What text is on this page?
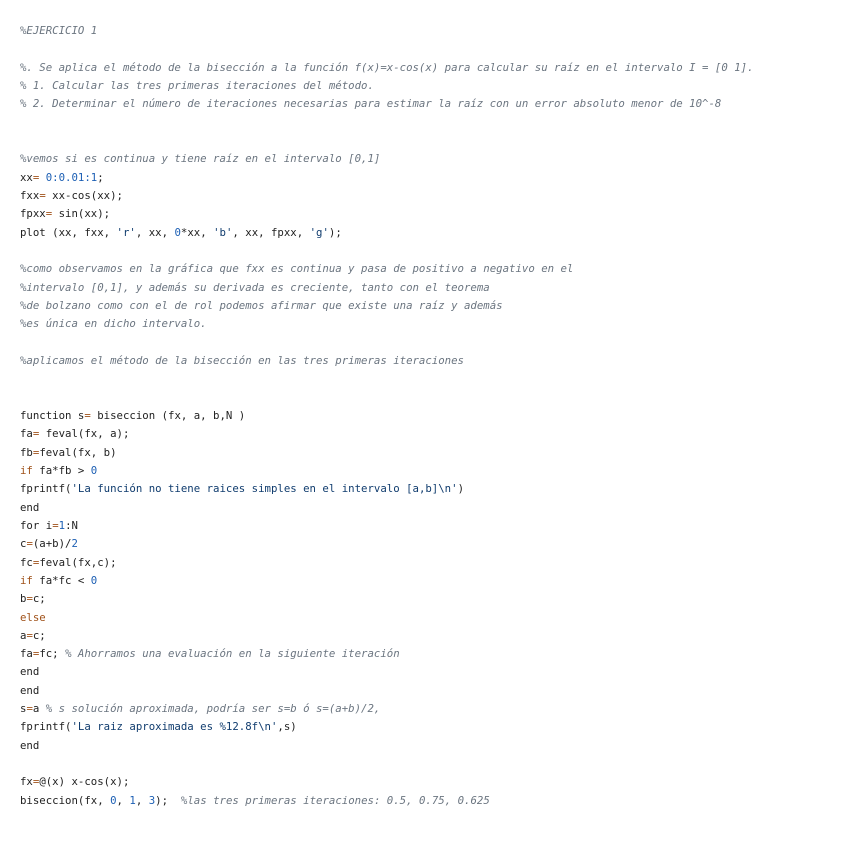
%EJERCICIO 1
%. Se aplica el método de la bisección a la función f(x)=x-cos(x) para calcular su raíz en el intervalo I = [0 1].
% 1. Calcular las tres primeras iteraciones del método.
% 2. Determinar el número de iteraciones necesarias para estimar la raíz con un error absoluto menor de 10^-8
%vemos si es continua y tiene raíz en el intervalo [0,1]
xx= 0:0.01:1;
fxx= xx-cos(xx);
fpxx= sin(xx);
plot (xx, fxx, 'r', xx, 0*xx, 'b', xx, fpxx, 'g');
%como observamos en la gráfica que fxx es continua y pasa de positivo a negativo en el
%intervalo [0,1], y además su derivada es creciente, tanto con el teorema
%de bolzano como con el de rol podemos afirmar que existe una raíz y además
%es única en dicho intervalo.
%aplicamos el método de la bisección en las tres primeras iteraciones
function s= biseccion (fx, a, b,N )
fa= feval(fx, a);
fb=feval(fx, b)
if fa*fb > 0
fprintf('La función no tiene raices simples en el intervalo [a,b]\n')
end
for i=1:N
c=(a+b)/2
fc=feval(fx,c);
if fa*fc < 0
b=c;
else
a=c;
fa=fc; % Ahorramos una evaluación en la siguiente iteración
end
end
s=a % s solución aproximada, podría ser s=b ó s=(a+b)/2,
fprintf('La raiz aproximada es %12.8f\n',s)
end
fx=@(x) x-cos(x);
biseccion(fx, 0, 1, 3);  %las tres primeras iteraciones: 0.5, 0.75, 0.625
